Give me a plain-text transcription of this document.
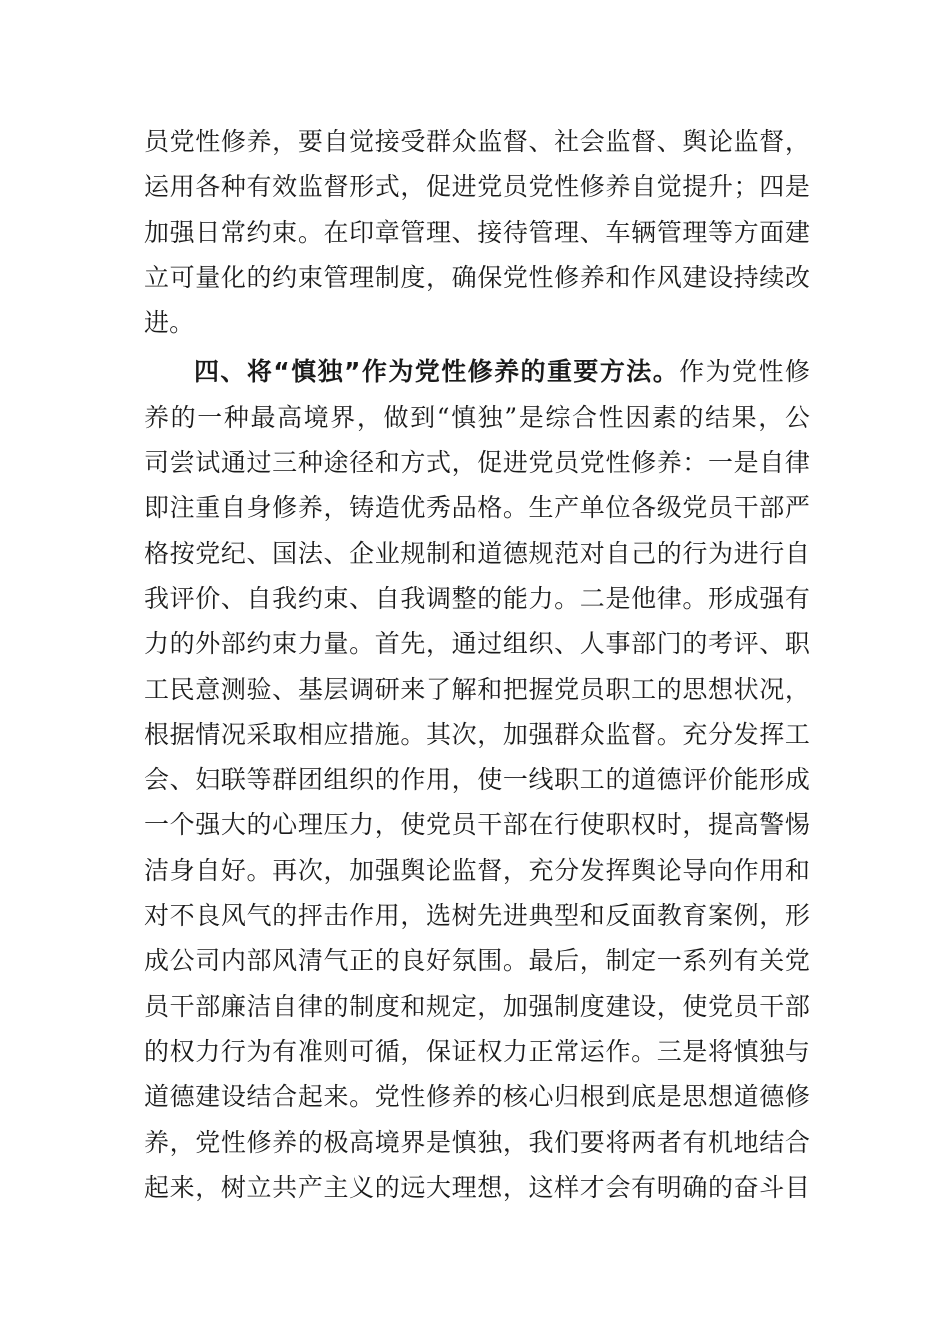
员党性修养，要自觉接受群众监督、社会监督、舆论监督，
运用各种有效监督形式，促进党员党性修养自觉提升；四是
加强日常约束。在印章管理、接待管理、车辆管理等方面建
立可量化的约束管理制度，确保党性修养和作风建设持续改
进。
四、将“慎独”作为党性修养的重要方法。作为党性修
养的一种最高境界，做到“慎独”是综合性因素的结果，公
司尝试通过三种途径和方式，促进党员党性修养：一是自律
即注重自身修养，铸造优秀品格。生产单位各级党员干部严
格按党纪、国法、企业规制和道德规范对自己的行为进行自
我评价、自我约束、自我调整的能力。二是他律。形成强有
力的外部约束力量。首先，通过组织、人事部门的考评、职
工民意测验、基层调研来了解和把握党员职工的思想状况，
根据情况采取相应措施。其次，加强群众监督。充分发挥工
会、妇联等群团组织的作用，使一线职工的道德评价能形成
一个强大的心理压力，使党员干部在行使职权时，提高警惕
洁身自好。再次，加强舆论监督，充分发挥舆论导向作用和
对不良风气的抨击作用，选树先进典型和反面教育案例，形
成公司内部风清气正的良好氛围。最后，制定一系列有关党
员干部廉洁自律的制度和规定，加强制度建设，使党员干部
的权力行为有准则可循，保证权力正常运作。三是将慎独与
道德建设结合起来。党性修养的核心归根到底是思想道德修
养，党性修养的极高境界是慎独，我们要将两者有机地结合
起来，树立共产主义的远大理想，这样才会有明确的奋斗目
